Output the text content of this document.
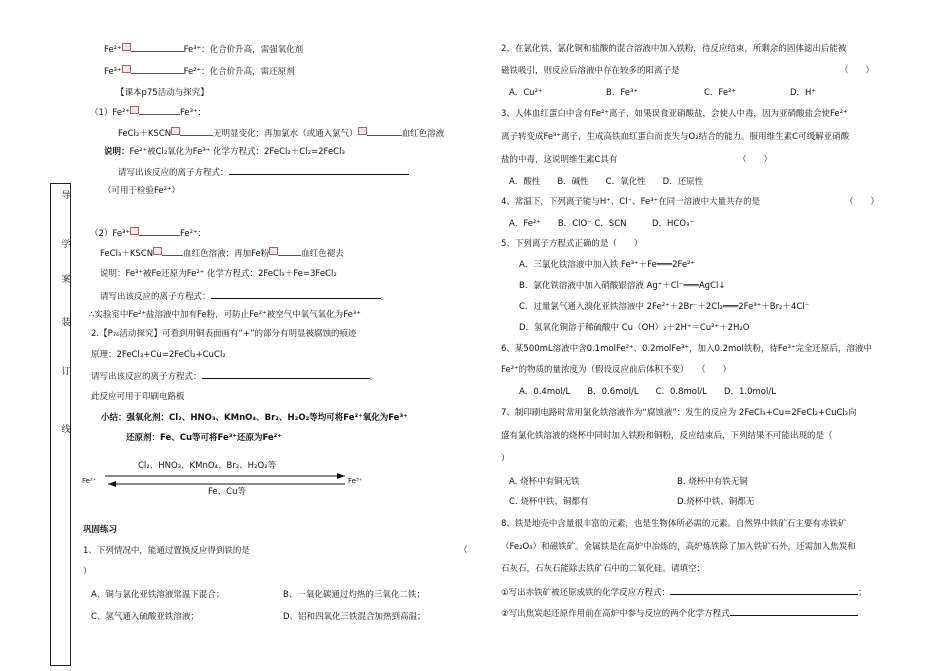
导
学
案
装
订
线
Fe²⁺	Fe³⁺：化合价升高，需强氧化剂
Fe³⁺	Fe²⁺：化合价升高，需还原剂
【课本p75活动与探究】
（1）Fe²⁺	Fe³⁺：
FeCl₂＋KSCN	无明显变化；再加氯水（或通入氯气）	血红色溶液
说明：Fe²⁺被Cl₂氧化为Fe³⁺ 化学方程式：2FeCl₂＋Cl₂=2FeCl₃
请写出该反应的离子方程式：
（可用于检验Fe²⁺）
（2）Fe³⁺	Fe²⁺：
FeCl₃＋KSCN	血红色溶液；再加Fe粉	血红色褪去
说明：Fe³⁺被Fe还原为Fe²⁺ 化学方程式：2FeCl₃＋Fe=3FeCl₂
请写出该反应的离子方程式：	。
∴实验室中Fe²⁺盐溶液中加有Fe粉，可防止Fe²⁺被空气中氧气氧化为Fe³⁺
2.【P₇₆活动探究】可看到用铜表面画有“+”的部分有明显被腐蚀的痕迹
原理：2FeCl₃+Cu=2FeCl₂+CuCl₂
请写出该反应的离子方程式：	。
此反应可用于印刷电路板
小结：强氧化剂：Cl₂、HNO₃、KMnO₄、Br₂、H₂O₂等均可将Fe²⁺氧化为Fe³⁺
还原剂：Fe、Cu等可将Fe³⁺还原为Fe²⁺
Cl₂、HNO₃、KMnO₄、Br₂、H₂O₂等
Fe²⁺	Fe³⁺
Fe、Cu等
巩固练习
1、下列情况中，能通过置换反应得到铁的是	（
）
A、铜与氯化亚铁溶液常温下混合；	B、一氧化碳通过灼热的三氧化二铁；
C、氢气通入硫酸亚铁溶液；	D、铝和四氧化三铁混合加热到高温；
2、在氯化铁、氯化铜和盐酸的混合溶液中加入铁粉，待反应结束，所剩余的固体滤出后能被
磁铁吸引，则反应后溶液中存在较多的阳离子是	（　　）
A．Cu²⁺	B．Fe³⁺	C．Fe²⁺	D．H⁺
3、人体血红蛋白中含有Fe²⁺离子，如果误食亚硝酸盐，会使人中毒，因为亚硝酸盐会使Fe²⁺
离子转变成Fe³⁺离子，生成高铁血红蛋白而丧失与O₂结合的能力。服用维生素C可缓解亚硝酸
盐的中毒，这说明维生素C具有	（　　）
A．酸性　　B．碱性　　C．氧化性　　D．还原性
4、常温下，下列离子能与H⁺、Cl⁻、Fe³⁺在同一溶液中大量共存的是	（　　）
A．Fe²⁺　　B．ClO⁻ C．SCN　　　D．HCO₃⁻
5、下列离子方程式正确的是（　　）
A．三氯化铁溶液中加入铁 Fe³⁺＋Fe═══2Fe²⁺
B．氯化铁溶液中加入硝酸银溶液 Ag⁺＋Cl⁻═══AgCl↓
C．过量氯气通入溴化亚铁溶液中 2Fe²⁺＋2Br⁻＋2Cl₂═══2Fe³⁺＋Br₂＋4Cl⁻
D．氢氧化铜溶于稀硫酸中 Cu（OH）₂＋2H⁺＝Cu²⁺＋2H₂O
6、某500mL溶液中含0.1molFe²⁺、0.2molFe³⁺，加入0.2mol铁粉，待Fe³⁺完全还原后，溶液中
Fe²⁺的物质的量浓度为（假设反应前后体积不变）　　（　　）
A．0.4mol/L　　B．0.6mol/L　　C．0.8mol/L　　D．1.0mol/L
7、制印刷电路时常用氯化铁溶液作为“腐蚀液”：发生的反应为 2FeCl₃+Cu=2FeCl₂+CuCl₂向
盛有氯化铁溶液的烧杯中同时加入铁粉和铜粉，反应结束后，下列结果不可能出现的是（
）
A. 烧杯中有铜无铁	B. 烧杯中有铁无铜
C. 烧杯中铁、铜都有	D.烧杯中铁、铜都无
8、铁是地壳中含量很丰富的元素，也是生物体所必需的元素。自然界中铁矿石主要有赤铁矿
（Fe₂O₃）和磁铁矿。金属铁是在高炉中冶炼的，高炉炼铁除了加入铁矿石外，还需加入焦炭和
石灰石，石灰石能除去铁矿石中的二氧化硅。请填空：
①写出赤铁矿被还原成铁的化学反应方程式：	；
②写出焦炭起还原作用前在高炉中参与反应的两个化学方程式
